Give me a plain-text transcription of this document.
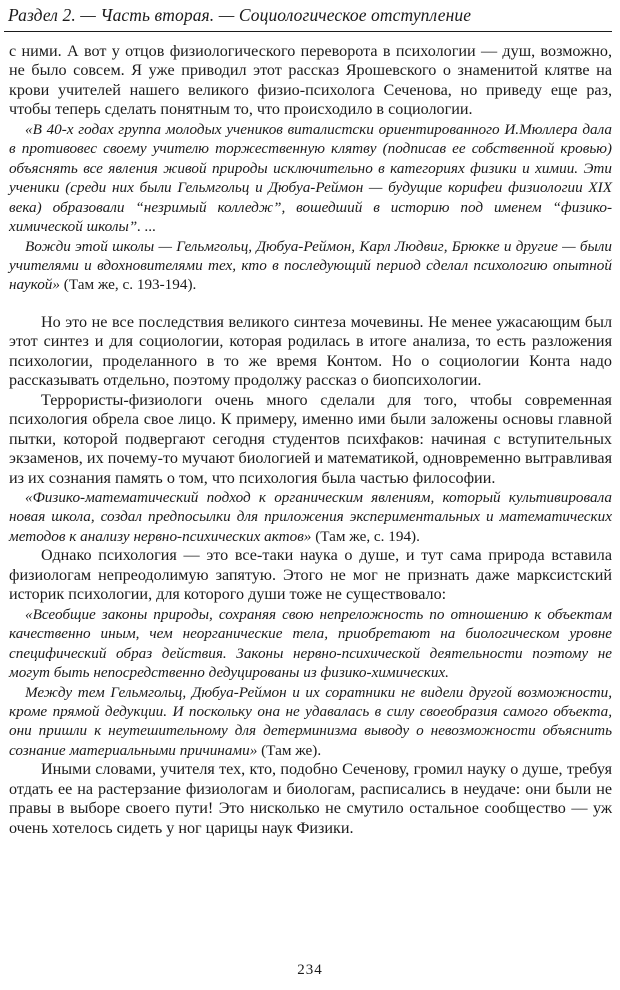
Раздел 2. — Часть вторая. — Социологическое отступление

с ними. А вот у отцов физиологического переворота в психологии — душ, возможно, не было совсем. Я уже приводил этот рассказ Ярошевского о знаменитой клятве на крови учителей нашего великого физио-психолога Сеченова, но приведу еще раз, чтобы теперь сделать понятным то, что происходило в социологии.

«В 40-х годах группа молодых учеников виталистски ориентированного И.Мюллера дала в противовес своему учителю торжественную клятву (подписав ее собственной кровью) объяснять все явления живой природы исключительно в категориях физики и химии. Эти ученики (среди них были Гельмгольц и Дюбуа-Реймон — будущие корифеи физиологии XIX века) образовали “незримый колледж”, вошедший в историю под именем “физико-химической школы”. ...

Вожди этой школы — Гельмгольц, Дюбуа-Реймон, Карл Людвиг, Брюкке и другие — были учителями и вдохновителями тех, кто в последующий период сделал психологию опытной наукой» (Там же, с. 193-194).

Но это не все последствия великого синтеза мочевины. Не менее ужасающим был этот синтез и для социологии, которая родилась в итоге анализа, то есть разложения психологии, проделанного в то же время Контом. Но о социологии Конта надо рассказывать отдельно, поэтому продолжу рассказ о биопсихологии.

Террористы-физиологи очень много сделали для того, чтобы современная психология обрела свое лицо. К примеру, именно ими были заложены основы главной пытки, которой подвергают сегодня студентов психфаков: начиная с вступительных экзаменов, их почему-то мучают биологией и математикой, одновременно вытравливая из их сознания память о том, что психология была частью философии.

«Физико-математический подход к органическим явлениям, который культивировала новая школа, создал предпосылки для приложения экспериментальных и математических методов к анализу нервно-психических актов» (Там же, с. 194).

Однако психология — это все-таки наука о душе, и тут сама природа вставила физиологам непреодолимую запятую. Этого не мог не признать даже марксистский историк психологии, для которого души тоже не существовало:

«Всеобщие законы природы, сохраняя свою непреложность по отношению к объектам качественно иным, чем неорганические тела, приобретают на биологическом уровне специфический образ действия. Законы нервно-психической деятельности поэтому не могут быть непосредственно дедуцированы из физико-химических.

Между тем Гельмгольц, Дюбуа-Реймон и их соратники не видели другой возможности, кроме прямой дедукции. И поскольку она не удавалась в силу своеобразия самого объекта, они пришли к неутешительному для детерминизма выводу о невозможности объяснить сознание материальными причинами» (Там же).

Иными словами, учителя тех, кто, подобно Сеченову, громил науку о душе, требуя отдать ее на растерзание физиологам и биологам, расписались в неудаче: они были не правы в выборе своего пути! Это нисколько не смутило остальное сообщество — уж очень хотелось сидеть у ног царицы наук Физики.

234
